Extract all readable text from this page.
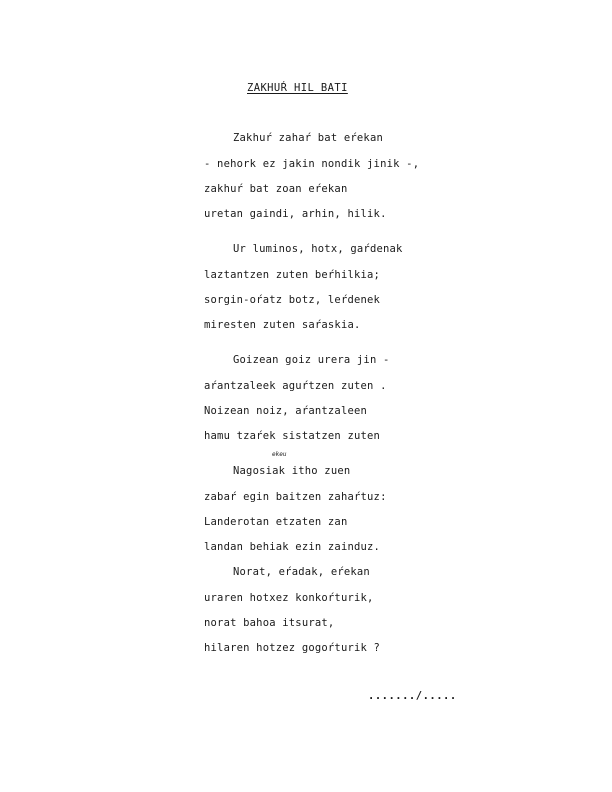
ZAKHUŔ HIL BATI
Zakhuŕ zahaŕ bat eŕekan
- nehork ez jakin nondik jinik -,
zakhuŕ bat zoan eŕekan
uretan gaindi, arhin, hilik.
Ur luminos, hotx, gaŕdenak
laztantzen zuten beŕhilkia;
sorgin-oŕatz botz, leŕdenek
miresten zuten saŕaskia.
Goizean goiz urera jin -
aŕantzaleek aguŕtzen zuten .
Noizean noiz, aŕantzaleen
hamu tzaŕek sistatzen zuten
ekeu
Nagosiak itho zuen
zabaŕ egin baitzen zahaŕtuz:
Landerotan etzaten zan
landan behiak ezin zainduz.
Norat, eŕadak, eŕekan
uraren hotxez konkoŕturik,
norat bahoa itsurat,
hilaren hotzez gogoŕturik ?
......./.....
